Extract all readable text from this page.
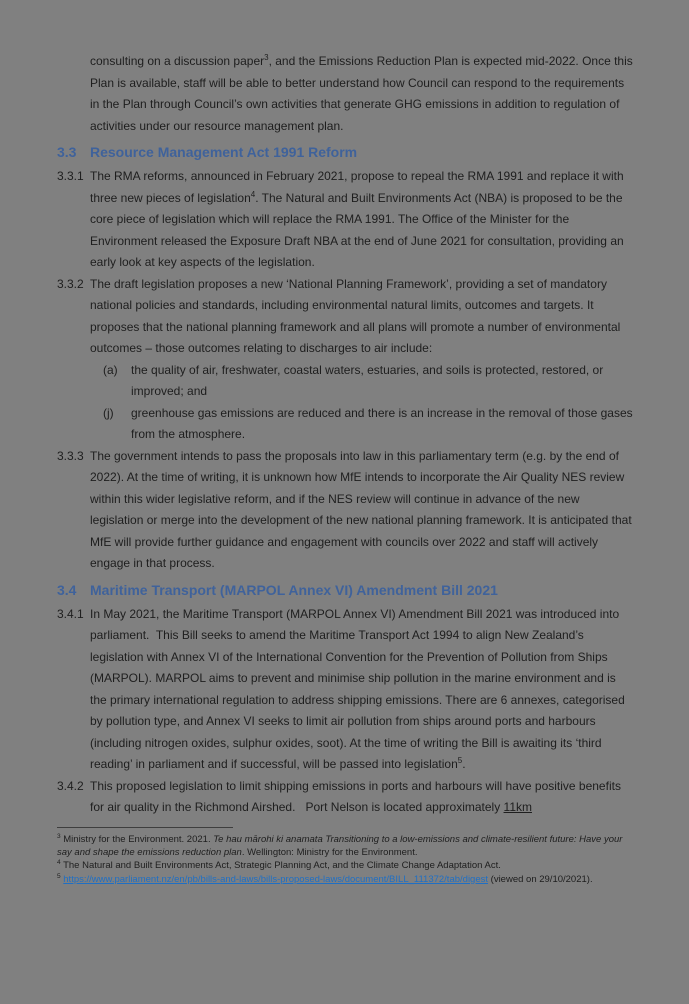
consulting on a discussion paper$^3$, and the Emissions Reduction Plan is expected mid-2022. Once this Plan is available, staff will be able to better understand how Council can respond to the requirements in the Plan through Council’s own activities that generate GHG emissions in addition to regulation of activities under our resource management plan.
3.3 Resource Management Act 1991 Reform
3.3.1 The RMA reforms, announced in February 2021, propose to repeal the RMA 1991 and replace it with three new pieces of legislation$^4$. The Natural and Built Environments Act (NBA) is proposed to be the core piece of legislation which will replace the RMA 1991. The Office of the Minister for the Environment released the Exposure Draft NBA at the end of June 2021 for consultation, providing an early look at key aspects of the legislation.
3.3.2 The draft legislation proposes a new ‘National Planning Framework’, providing a set of mandatory national policies and standards, including environmental natural limits, outcomes and targets. It proposes that the national planning framework and all plans will promote a number of environmental outcomes – those outcomes relating to discharges to air include:
(a) the quality of air, freshwater, coastal waters, estuaries, and soils is protected, restored, or improved; and
(j) greenhouse gas emissions are reduced and there is an increase in the removal of those gases from the atmosphere.
3.3.3 The government intends to pass the proposals into law in this parliamentary term (e.g. by the end of 2022). At the time of writing, it is unknown how MfE intends to incorporate the Air Quality NES review within this wider legislative reform, and if the NES review will continue in advance of the new legislation or merge into the development of the new national planning framework. It is anticipated that MfE will provide further guidance and engagement with councils over 2022 and staff will actively engage in that process.
3.4 Maritime Transport (MARPOL Annex VI) Amendment Bill 2021
3.4.1 In May 2021, the Maritime Transport (MARPOL Annex VI) Amendment Bill 2021 was introduced into parliament.  This Bill seeks to amend the Maritime Transport Act 1994 to align New Zealand’s legislation with Annex VI of the International Convention for the Prevention of Pollution from Ships (MARPOL). MARPOL aims to prevent and minimise ship pollution in the marine environment and is the primary international regulation to address shipping emissions. There are 6 annexes, categorised by pollution type, and Annex VI seeks to limit air pollution from ships around ports and harbours (including nitrogen oxides, sulphur oxides, soot). At the time of writing the Bill is awaiting its ‘third reading’ in parliament and if successful, will be passed into legislation$^5$.
3.4.2 This proposed legislation to limit shipping emissions in ports and harbours will have positive benefits for air quality in the Richmond Airshed.   Port Nelson is located approximately 11km
$^3$ Ministry for the Environment. 2021. Te hau mārohi ki anamata Transitioning to a low-emissions and climate-resilient future: Have your say and shape the emissions reduction plan. Wellington: Ministry for the Environment.
$^4$ The Natural and Built Environments Act, Strategic Planning Act, and the Climate Change Adaptation Act.
$^5$ https://www.parliament.nz/en/pb/bills-and-laws/bills-proposed-laws/document/BILL_111372/tab/digest (viewed on 29/10/2021).
